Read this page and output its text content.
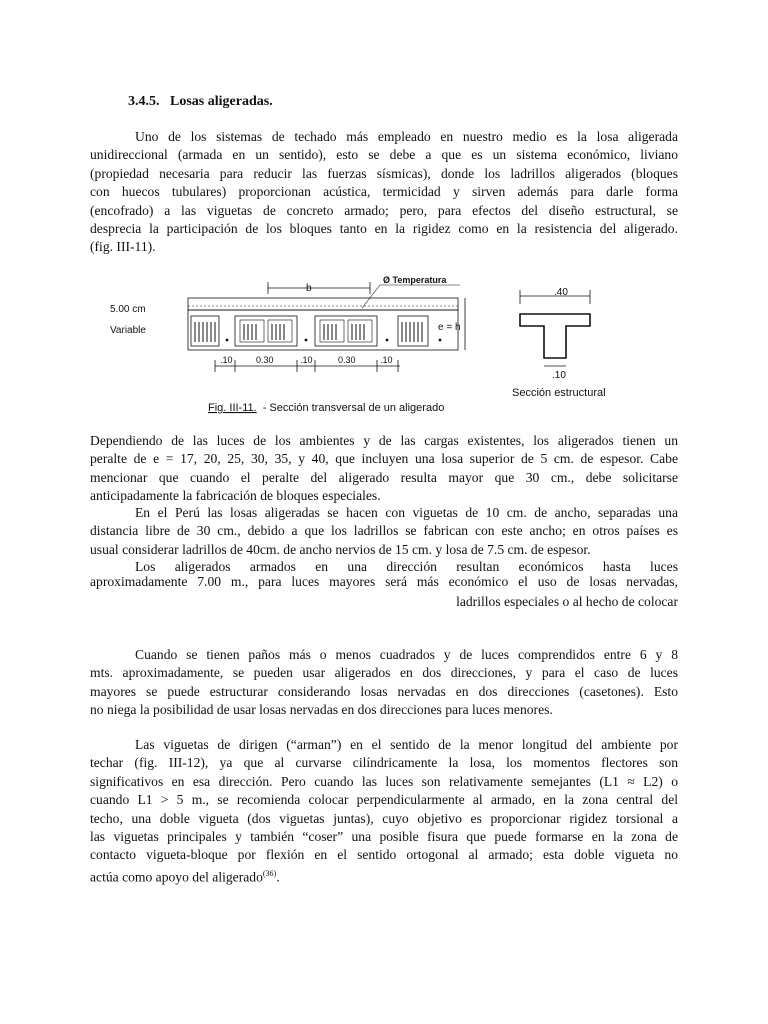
3.4.5. Losas aligeradas.
Uno de los sistemas de techado más empleado en nuestro medio es la losa aligerada
unidireccional (armada en un sentido), esto se debe a que es un sistema económico, liviano
(propiedad necesaria para reducir las fuerzas sísmicas), donde los ladrillos aligerados (bloques
con huecos tubulares) proporcionan acústica, termicidad y sirven además para darle forma
(encofrado) a las viguetas de concreto armado; pero, para efectos del diseño estructural, se
desprecia la participación de los bloques tanto en la rigidez como en la resistencia del aligerado.
(fig. III-11).
5.00 cm
Variable
b
Ø Temperatura
e = h
.10	0.30	.10	0.30	.10
Fig. III-11. - Sección transversal de un aligerado
.40
.10
Sección estructural
Dependiendo de las luces de los ambientes y de las cargas existentes, los aligerados tienen un
peralte de e = 17, 20, 25, 30, 35, y 40, que incluyen una losa superior de 5 cm. de espesor. Cabe
mencionar que cuando el peralte del aligerado resulta mayor que 30 cm., debe solicitarse
anticipadamente la fabricación de bloques especiales.
En el Perú las losas aligeradas se hacen con viguetas de 10 cm. de ancho, separadas una
distancia libre de 30 cm., debido a que los ladrillos se fabrican con este ancho; en otros países es
usual considerar ladrillos de 40cm. de ancho nervios de 15 cm. y losa de 7.5 cm. de espesor.
Los aligerados armados en una dirección resultan económicos hasta luces
aproximadamente 7.00 m., para luces mayores será más económico el uso de losas nervadas,
ladrillos especiales o al hecho de colocar
Cuando se tienen paños más o menos cuadrados y de luces comprendidos entre 6 y 8
mts. aproximadamente, se pueden usar aligerados en dos direcciones, y para el caso de luces
mayores se puede estructurar considerando losas nervadas en dos direcciones (casetones). Esto
no niega la posibilidad de usar losas nervadas en dos direcciones para luces menores.
Las viguetas de dirigen (“arman”) en el sentido de la menor longitud del ambiente por
techar (fig. III-12), ya que al curvarse cilíndricamente la losa, los momentos flectores son
significativos en esa dirección. Pero cuando las luces son relativamente semejantes (L1 ≈ L2) o
cuando L1 > 5 m., se recomienda colocar perpendicularmente al armado, en la zona central del
techo, una doble vigueta (dos viguetas juntas), cuyo objetivo es proporcionar rigidez torsional a
las viguetas principales y también “coser” una posible fisura que puede formarse en la zona de
contacto vigueta-bloque por flexión en el sentido ortogonal al armado; esta doble vigueta no
actúa como apoyo del aligerado$^{(36)}$.
